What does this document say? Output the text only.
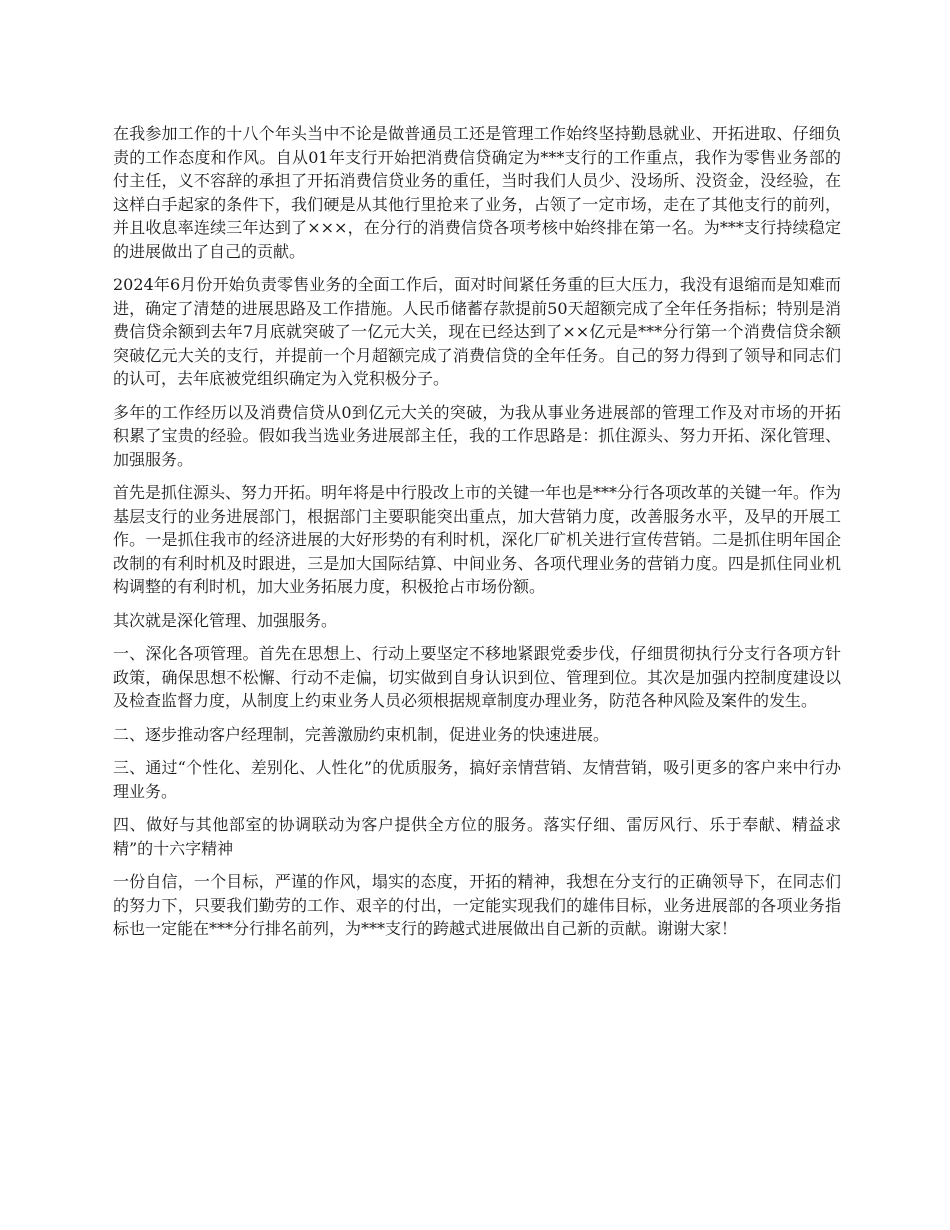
在我参加工作的十八个年头当中不论是做普通员工还是管理工作始终坚持勤恳就业、开拓进取、仔细负责的工作态度和作风。自从01年支行开始把消费信贷确定为***支行的工作重点，我作为零售业务部的付主任，义不容辞的承担了开拓消费信贷业务的重任，当时我们人员少、没场所、没资金，没经验，在这样白手起家的条件下，我们硬是从其他行里抢来了业务，占领了一定市场，走在了其他支行的前列，并且收息率连续三年达到了×××，在分行的消费信贷各项考核中始终排在第一名。为***支行持续稳定的进展做出了自己的贡献。

2024年6月份开始负责零售业务的全面工作后，面对时间紧任务重的巨大压力，我没有退缩而是知难而进，确定了清楚的进展思路及工作措施。人民币储蓄存款提前50天超额完成了全年任务指标；特别是消费信贷余额到去年7月底就突破了一亿元大关，现在已经达到了××亿元是***分行第一个消费信贷余额突破亿元大关的支行，并提前一个月超额完成了消费信贷的全年任务。自己的努力得到了领导和同志们的认可，去年底被党组织确定为入党积极分子。

多年的工作经历以及消费信贷从0到亿元大关的突破，为我从事业务进展部的管理工作及对市场的开拓积累了宝贵的经验。假如我当选业务进展部主任，我的工作思路是：抓住源头、努力开拓、深化管理、加强服务。

首先是抓住源头、努力开拓。明年将是中行股改上市的关键一年也是***分行各项改革的关键一年。作为基层支行的业务进展部门，根据部门主要职能突出重点，加大营销力度，改善服务水平，及早的开展工作。一是抓住我市的经济进展的大好形势的有利时机，深化厂矿机关进行宣传营销。二是抓住明年国企改制的有利时机及时跟进，三是加大国际结算、中间业务、各项代理业务的营销力度。四是抓住同业机构调整的有利时机，加大业务拓展力度，积极抢占市场份额。

其次就是深化管理、加强服务。

一、深化各项管理。首先在思想上、行动上要坚定不移地紧跟党委步伐，仔细贯彻执行分支行各项方针政策，确保思想不松懈、行动不走偏，切实做到自身认识到位、管理到位。其次是加强内控制度建设以及检查监督力度，从制度上约束业务人员必须根据规章制度办理业务，防范各种风险及案件的发生。

二、逐步推动客户经理制，完善激励约束机制，促进业务的快速进展。

三、通过“个性化、差别化、人性化”的优质服务，搞好亲情营销、友情营销，吸引更多的客户来中行办理业务。

四、做好与其他部室的协调联动为客户提供全方位的服务。落实仔细、雷厉风行、乐于奉献、精益求精”的十六字精神

一份自信，一个目标，严谨的作风，塌实的态度，开拓的精神，我想在分支行的正确领导下，在同志们的努力下，只要我们勤劳的工作、艰辛的付出，一定能实现我们的雄伟目标，业务进展部的各项业务指标也一定能在***分行排名前列，为***支行的跨越式进展做出自己新的贡献。谢谢大家！
